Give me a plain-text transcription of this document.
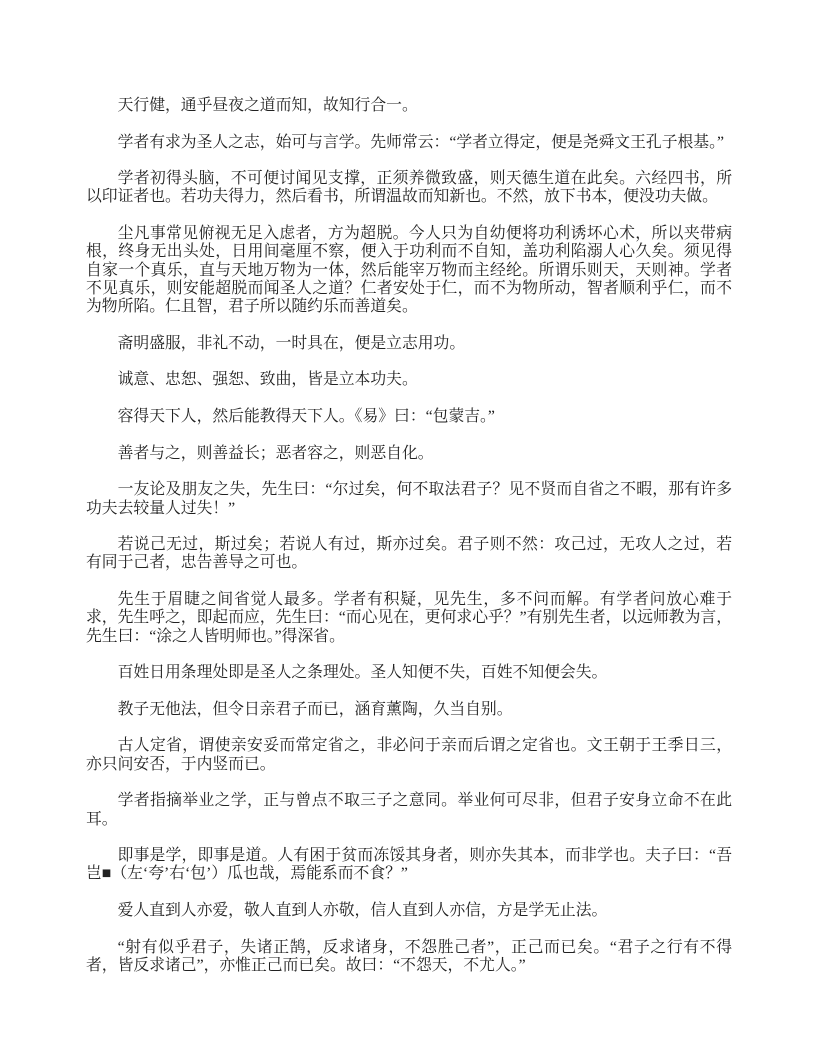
天行健，通乎昼夜之道而知，故知行合一。

学者有求为圣人之志，始可与言学。先师常云：“学者立得定，便是尧舜文王孔子根基。”

学者初得头脑，不可便讨闻见支撑，正须养微致盛，则天德生道在此矣。六经四书，所以印证者也。若功夫得力，然后看书，所谓温故而知新也。不然，放下书本，便没功夫做。

尘凡事常见俯视无足入虑者，方为超脱。今人只为自幼便将功利诱坏心术，所以夹带病根，终身无出头处，日用间毫厘不察，便入于功利而不自知，盖功利陷溺人心久矣。须见得自家一个真乐，直与天地万物为一体，然后能宰万物而主经纶。所谓乐则天，天则神。学者不见真乐，则安能超脱而闻圣人之道？仁者安处于仁，而不为物所动，智者顺利乎仁，而不为物所陷。仁且智，君子所以随约乐而善道矣。

斋明盛服，非礼不动，一时具在，便是立志用功。

诚意、忠恕、强恕、致曲，皆是立本功夫。

容得天下人，然后能教得天下人。《易》曰：“包蒙吉。”

善者与之，则善益长；恶者容之，则恶自化。

一友论及朋友之失，先生曰：“尔过矣，何不取法君子？见不贤而自省之不暇，那有许多功夫去较量人过失！”

若说己无过，斯过矣；若说人有过，斯亦过矣。君子则不然：攻己过，无攻人之过，若有同于己者，忠告善导之可也。

先生于眉睫之间省觉人最多。学者有积疑，见先生，多不问而解。有学者问放心难于求，先生呼之，即起而应，先生曰：“而心见在，更何求心乎？”有别先生者，以远师教为言，先生曰：“涂之人皆明师也。”得深省。

百姓日用条理处即是圣人之条理处。圣人知便不失，百姓不知便会失。

教子无他法，但令日亲君子而已，涵育薰陶，久当自别。

古人定省，谓使亲安妥而常定省之，非必问于亲而后谓之定省也。文王朝于王季日三，亦只问安否，于内竖而已。

学者指摘举业之学，正与曾点不取三子之意同。举业何可尽非，但君子安身立命不在此耳。

即事是学，即事是道。人有困于贫而冻馁其身者，则亦失其本，而非学也。夫子曰：“吾岂■（左‘夸’右‘包’）瓜也哉，焉能系而不食？”

爱人直到人亦爱，敬人直到人亦敬，信人直到人亦信，方是学无止法。

“射有似乎君子，失诸正鹄，反求诸身，不怨胜己者”，正己而已矣。“君子之行有不得者，皆反求诸己”，亦惟正己而已矣。故曰：“不怨天，不尤人。”
